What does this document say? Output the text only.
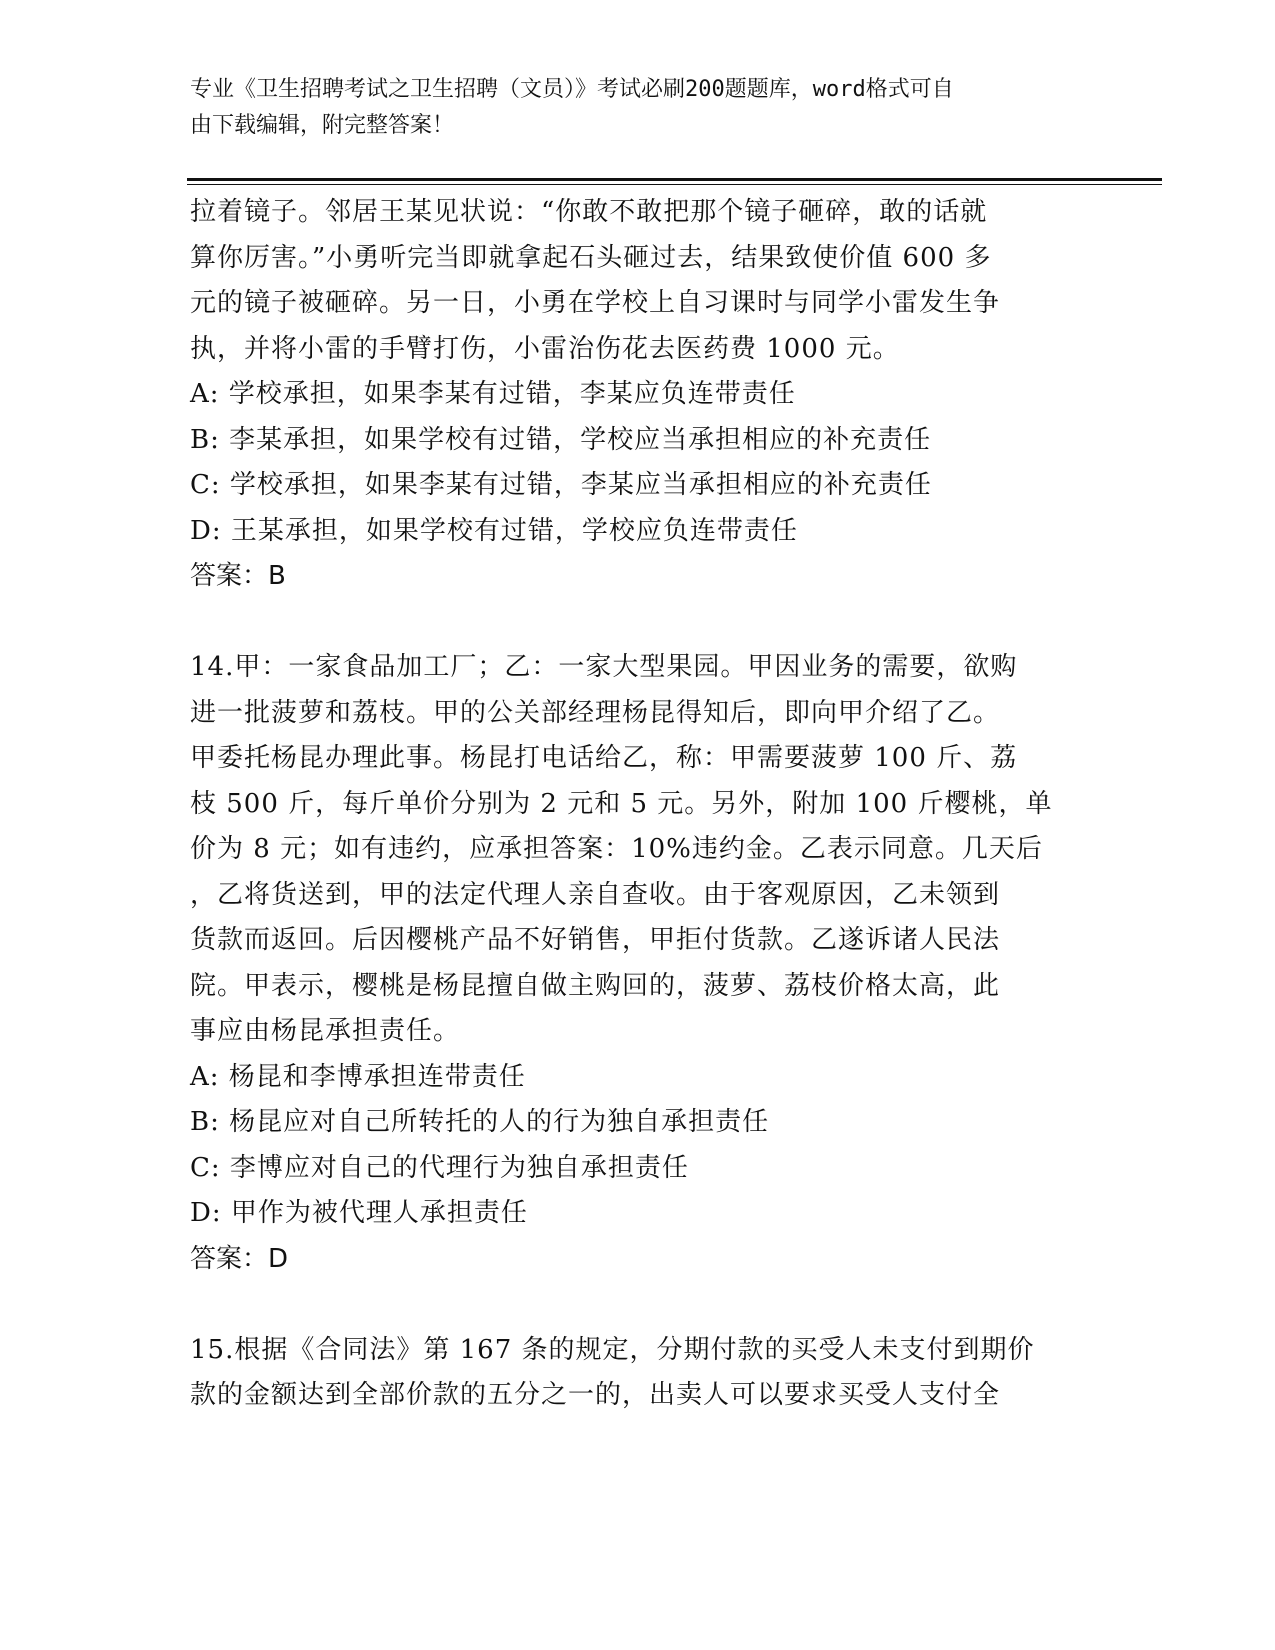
专业《卫生招聘考试之卫生招聘（文员）》考试必刷200题题库，word格式可自
由下载编辑，附完整答案！
拉着镜子。邻居王某见状说：“你敢不敢把那个镜子砸碎，敢的话就
算你厉害。”小勇听完当即就拿起石头砸过去，结果致使价值 600 多
元的镜子被砸碎。另一日，小勇在学校上自习课时与同学小雷发生争
执，并将小雷的手臂打伤，小雷治伤花去医药费 1000 元。
A: 学校承担，如果李某有过错，李某应负连带责任
B: 李某承担，如果学校有过错，学校应当承担相应的补充责任
C: 学校承担，如果李某有过错，李某应当承担相应的补充责任
D: 王某承担，如果学校有过错，学校应负连带责任
答案：B
14.甲：一家食品加工厂；乙：一家大型果园。甲因业务的需要，欲购
进一批菠萝和荔枝。甲的公关部经理杨昆得知后，即向甲介绍了乙。
甲委托杨昆办理此事。杨昆打电话给乙，称：甲需要菠萝 100 斤、荔
枝 500 斤，每斤单价分别为 2 元和 5 元。另外，附加 100 斤樱桃，单
价为 8 元；如有违约，应承担答案：10%违约金。乙表示同意。几天后
，乙将货送到，甲的法定代理人亲自查收。由于客观原因，乙未领到
货款而返回。后因樱桃产品不好销售，甲拒付货款。乙遂诉诸人民法
院。甲表示，樱桃是杨昆擅自做主购回的，菠萝、荔枝价格太高，此
事应由杨昆承担责任。
A: 杨昆和李博承担连带责任
B: 杨昆应对自己所转托的人的行为独自承担责任
C: 李博应对自己的代理行为独自承担责任
D: 甲作为被代理人承担责任
答案：D
15.根据《合同法》第 167 条的规定，分期付款的买受人未支付到期价
款的金额达到全部价款的五分之一的，出卖人可以要求买受人支付全
